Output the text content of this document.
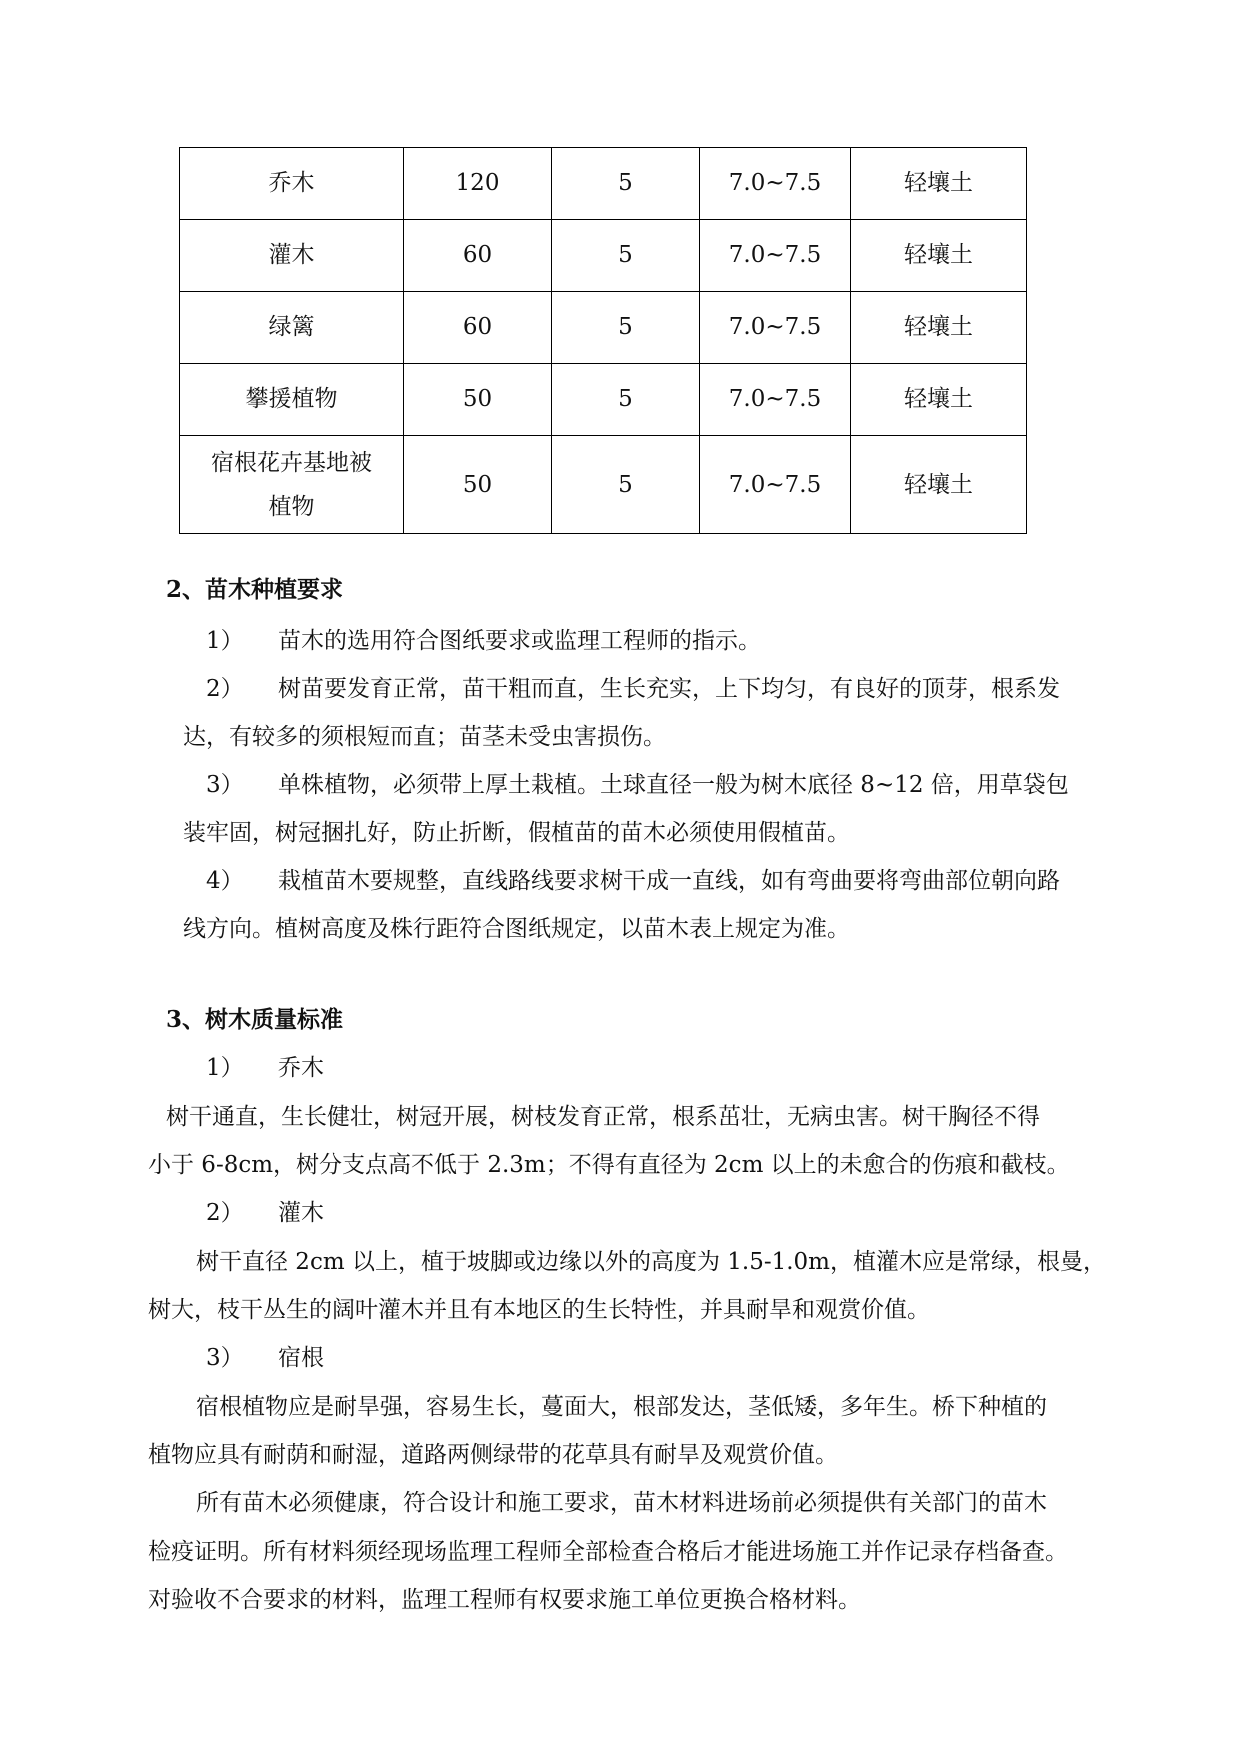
乔木	120	5	7.0~7.5	轻壤土
灌木	60	5	7.0~7.5	轻壤土
绿篱	60	5	7.0~7.5	轻壤土
攀援植物	50	5	7.0~7.5	轻壤土

宿根花卉基地被
植物	50	5	7.0~7.5	轻壤土
2、苗木种植要求
1） 苗木的选用符合图纸要求或监理工程师的指示。
2） 树苗要发育正常，苗干粗而直，生长充实，上下均匀，有良好的顶芽，根系发
达，有较多的须根短而直；苗茎未受虫害损伤。
3） 单株植物，必须带上厚土栽植。土球直径一般为树木底径 8~12 倍，用草袋包
装牢固，树冠捆扎好，防止折断，假植苗的苗木必须使用假植苗。
4） 栽植苗木要规整，直线路线要求树干成一直线，如有弯曲要将弯曲部位朝向路
线方向。植树高度及株行距符合图纸规定，以苗木表上规定为准。
3、树木质量标准
1） 乔木
树干通直，生长健壮，树冠开展，树枝发育正常，根系茁壮，无病虫害。树干胸径不得
小于 6-8cm，树分支点高不低于 2.3m；不得有直径为 2cm 以上的未愈合的伤痕和截枝。
2） 灌木
树干直径 2cm 以上，植于坡脚或边缘以外的高度为 1.5-1.0m，植灌木应是常绿，根曼，
树大，枝干丛生的阔叶灌木并且有本地区的生长特性，并具耐旱和观赏价值。
3） 宿根
宿根植物应是耐旱强，容易生长，蔓面大，根部发达，茎低矮，多年生。桥下种植的
植物应具有耐荫和耐湿，道路两侧绿带的花草具有耐旱及观赏价值。
所有苗木必须健康，符合设计和施工要求，苗木材料进场前必须提供有关部门的苗木
检疫证明。所有材料须经现场监理工程师全部检查合格后才能进场施工并作记录存档备查。
对验收不合要求的材料，监理工程师有权要求施工单位更换合格材料。
